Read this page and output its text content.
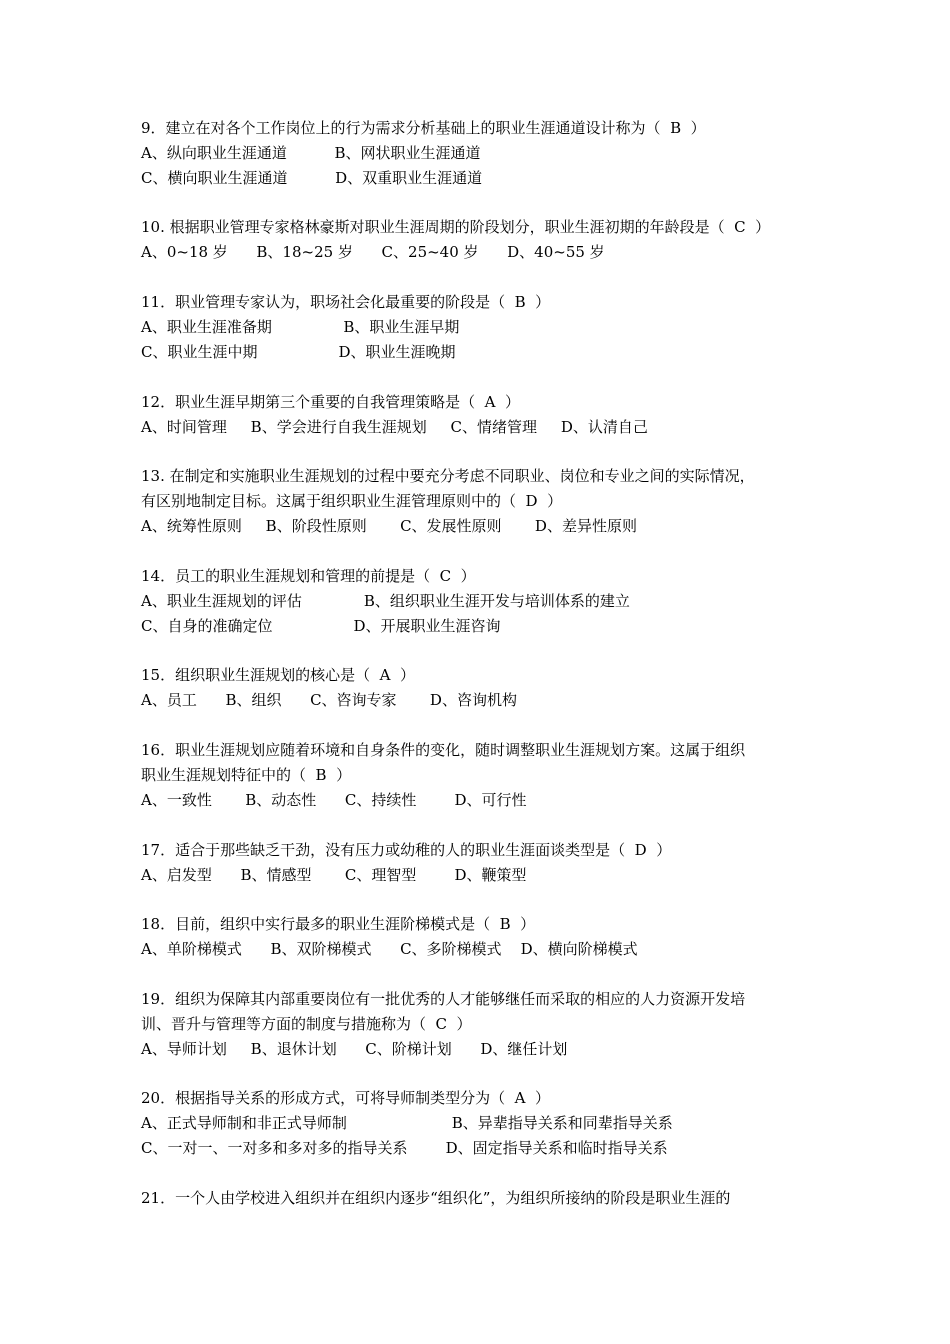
9．建立在对各个工作岗位上的行为需求分析基础上的职业生涯通道设计称为（  B  ）
A、纵向职业生涯通道          B、网状职业生涯通道
C、横向职业生涯通道          D、双重职业生涯通道
10. 根据职业管理专家格林豪斯对职业生涯周期的阶段划分，职业生涯初期的年龄段是（  C  ）
A、0~18 岁      B、18~25 岁      C、25~40 岁      D、40~55 岁
11．职业管理专家认为，职场社会化最重要的阶段是（  B  ）
A、职业生涯准备期               B、职业生涯早期
C、职业生涯中期                 D、职业生涯晚期
12．职业生涯早期第三个重要的自我管理策略是（  A  ）
A、时间管理     B、学会进行自我生涯规划     C、情绪管理     D、认清自己
13. 在制定和实施职业生涯规划的过程中要充分考虑不同职业、岗位和专业之间的实际情况，
有区别地制定目标。这属于组织职业生涯管理原则中的（  D  ）
A、统筹性原则     B、阶段性原则       C、发展性原则       D、差异性原则
14．员工的职业生涯规划和管理的前提是（  C  ）
A、职业生涯规划的评估             B、组织职业生涯开发与培训体系的建立
C、自身的准确定位                 D、开展职业生涯咨询
15．组织职业生涯规划的核心是（  A  ）
A、员工      B、组织      C、咨询专家       D、咨询机构
16．职业生涯规划应随着环境和自身条件的变化，随时调整职业生涯规划方案。这属于组织
职业生涯规划特征中的（  B  ）
A、一致性       B、动态性      C、持续性        D、可行性
17．适合于那些缺乏干劲，没有压力或幼稚的人的职业生涯面谈类型是（  D  ）
A、启发型      B、情感型       C、理智型        D、鞭策型
18．目前，组织中实行最多的职业生涯阶梯模式是（  B  ）
A、单阶梯模式      B、双阶梯模式      C、多阶梯模式    D、横向阶梯模式
19．组织为保障其内部重要岗位有一批优秀的人才能够继任而采取的相应的人力资源开发培
训、晋升与管理等方面的制度与措施称为（  C  ）
A、导师计划     B、退休计划      C、阶梯计划      D、继任计划
20．根据指导关系的形成方式，可将导师制类型分为（  A  ）
A、正式导师制和非正式导师制                      B、异辈指导关系和同辈指导关系
C、一对一、一对多和多对多的指导关系        D、固定指导关系和临时指导关系
21．一个人由学校进入组织并在组织内逐步“组织化”，为组织所接纳的阶段是职业生涯的
